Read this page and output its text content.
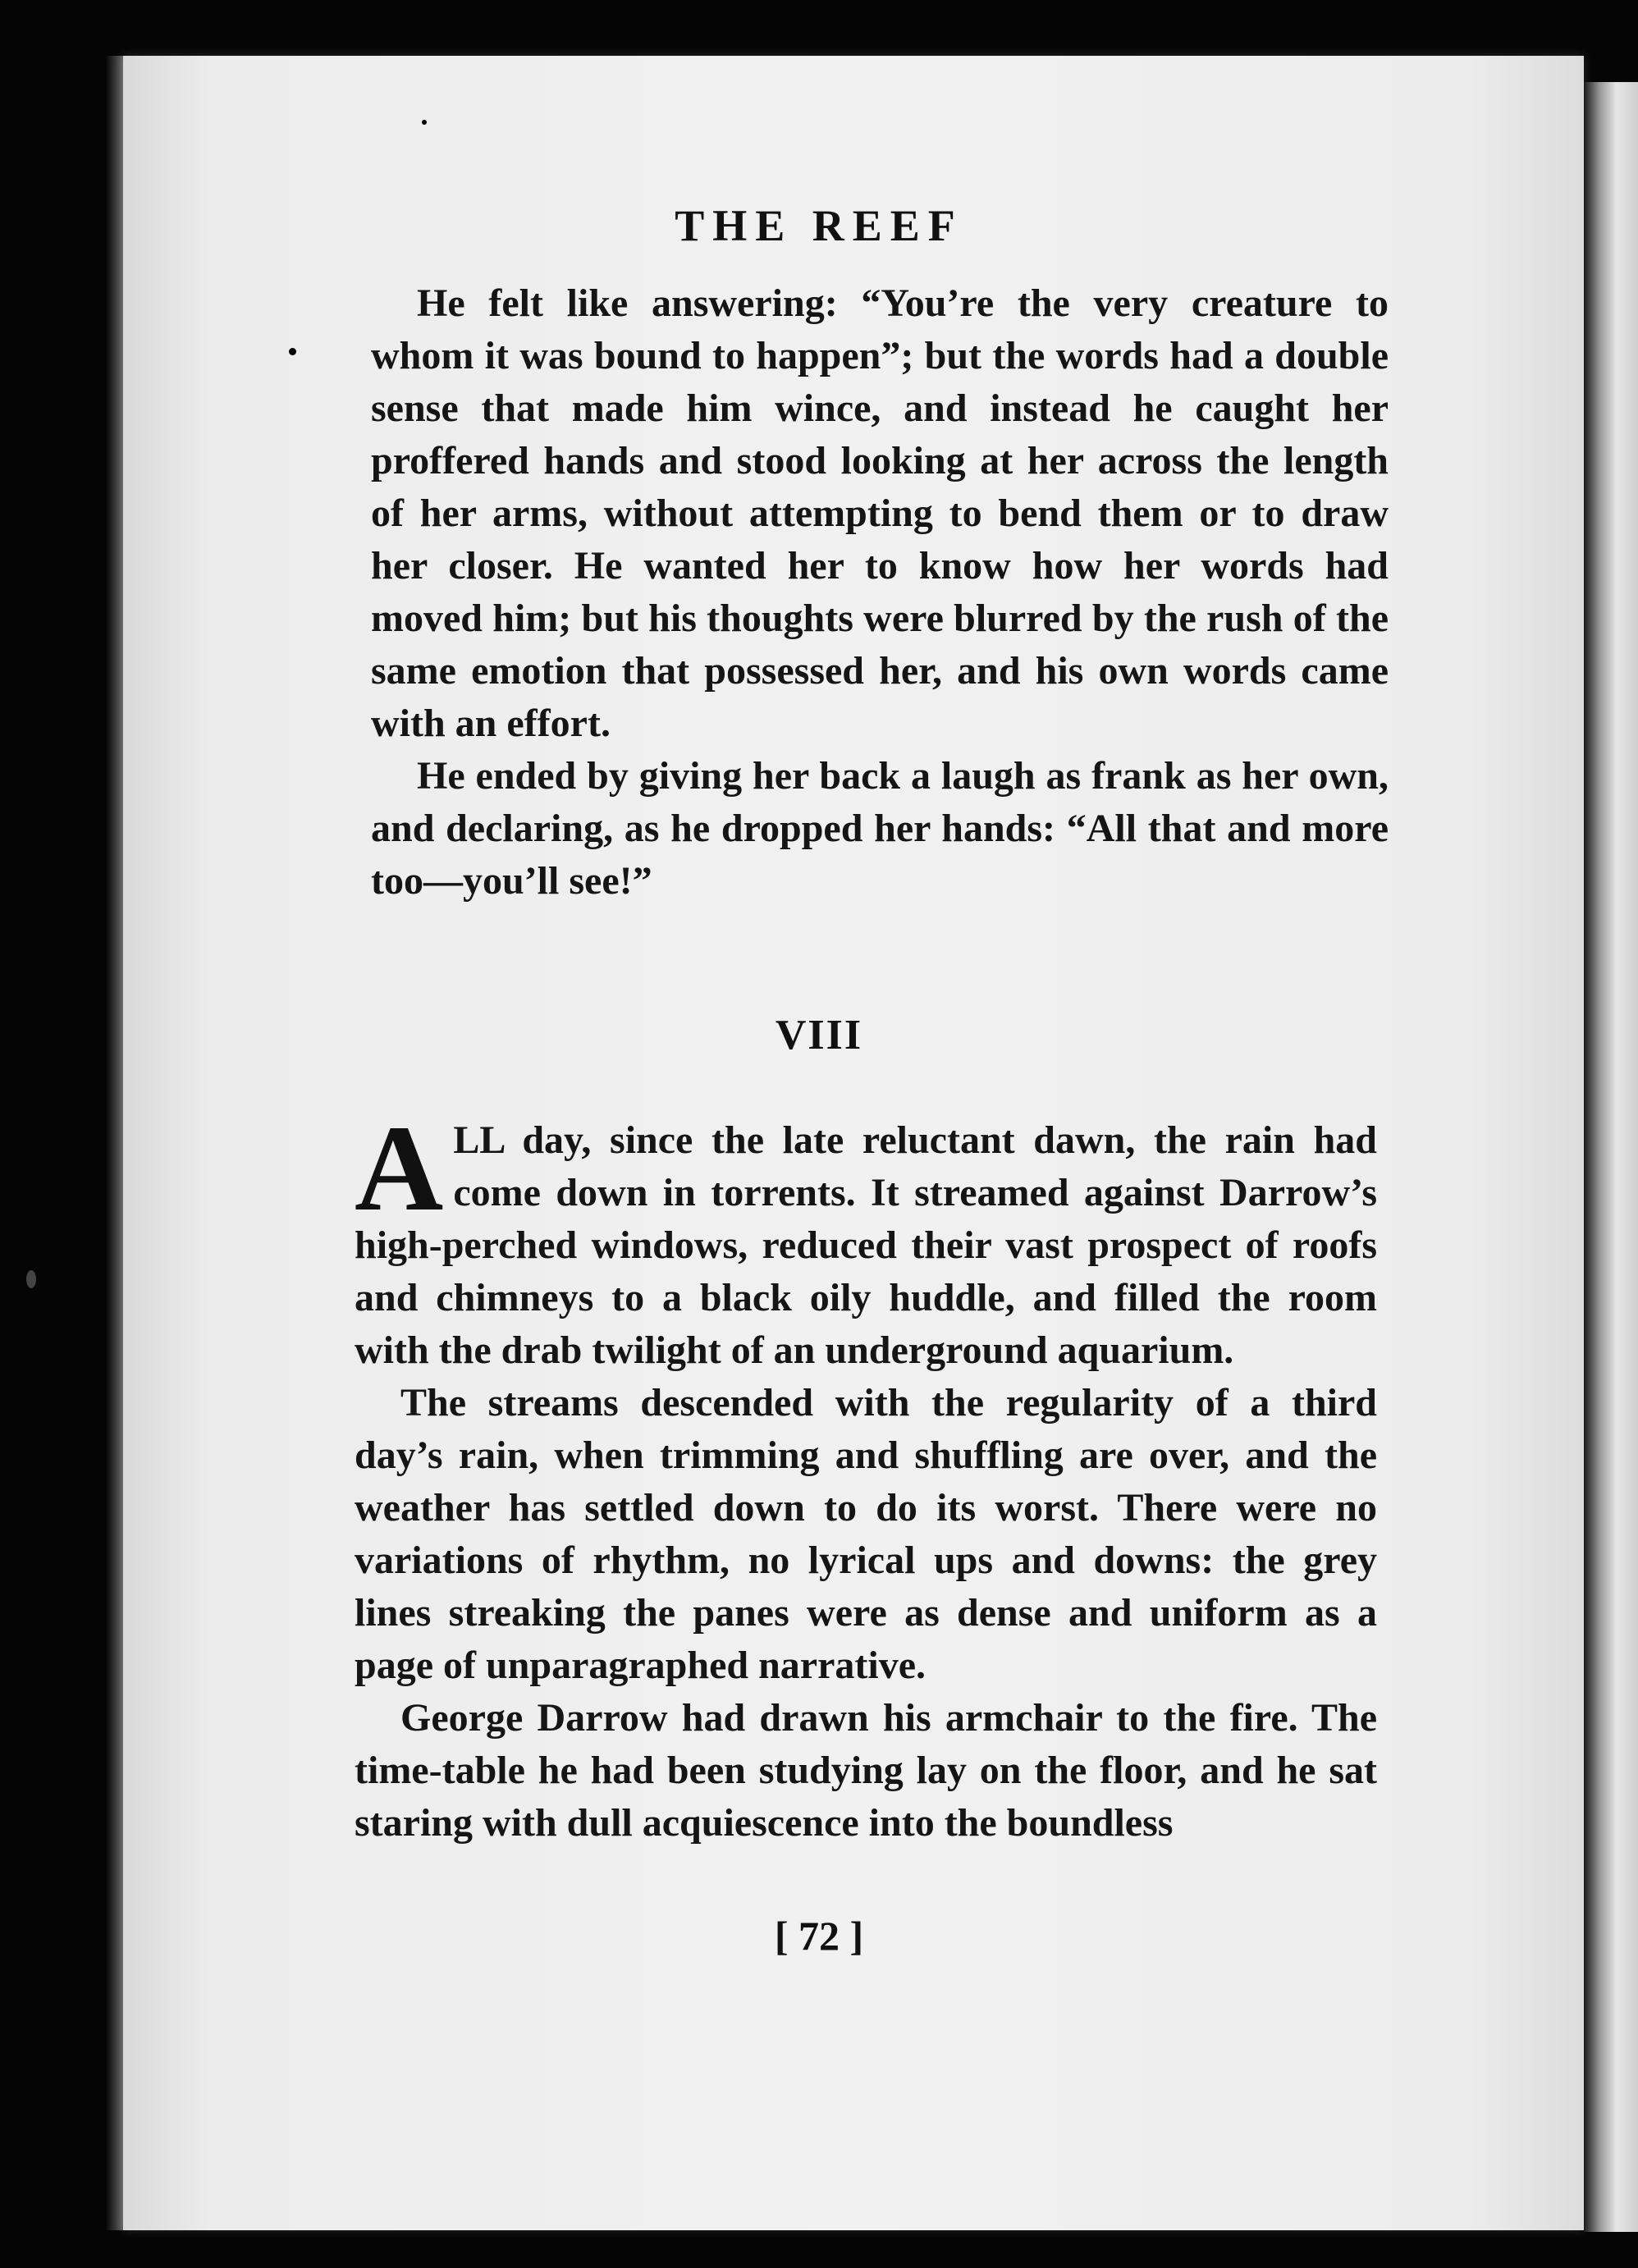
THE REEF

He felt like answering: “You’re the very creature to whom it was bound to happen”; but the words had a double sense that made him wince, and instead he caught her proffered hands and stood looking at her across the length of her arms, without attempting to bend them or to draw her closer. He wanted her to know how her words had moved him; but his thoughts were blurred by the rush of the same emotion that possessed her, and his own words came with an effort.

He ended by giving her back a laugh as frank as her own, and declaring, as he dropped her hands: “All that and more too—you’ll see!”

VIII

ALL day, since the late reluctant dawn, the rain had come down in torrents. It streamed against Darrow’s high-perched windows, reduced their vast prospect of roofs and chimneys to a black oily huddle, and filled the room with the drab twilight of an underground aquarium.

The streams descended with the regularity of a third day’s rain, when trimming and shuffling are over, and the weather has settled down to do its worst. There were no variations of rhythm, no lyrical ups and downs: the grey lines streaking the panes were as dense and uniform as a page of unparagraphed narrative.

George Darrow had drawn his armchair to the fire. The time-table he had been studying lay on the floor, and he sat staring with dull acquiescence into the boundless

[ 72 ]
